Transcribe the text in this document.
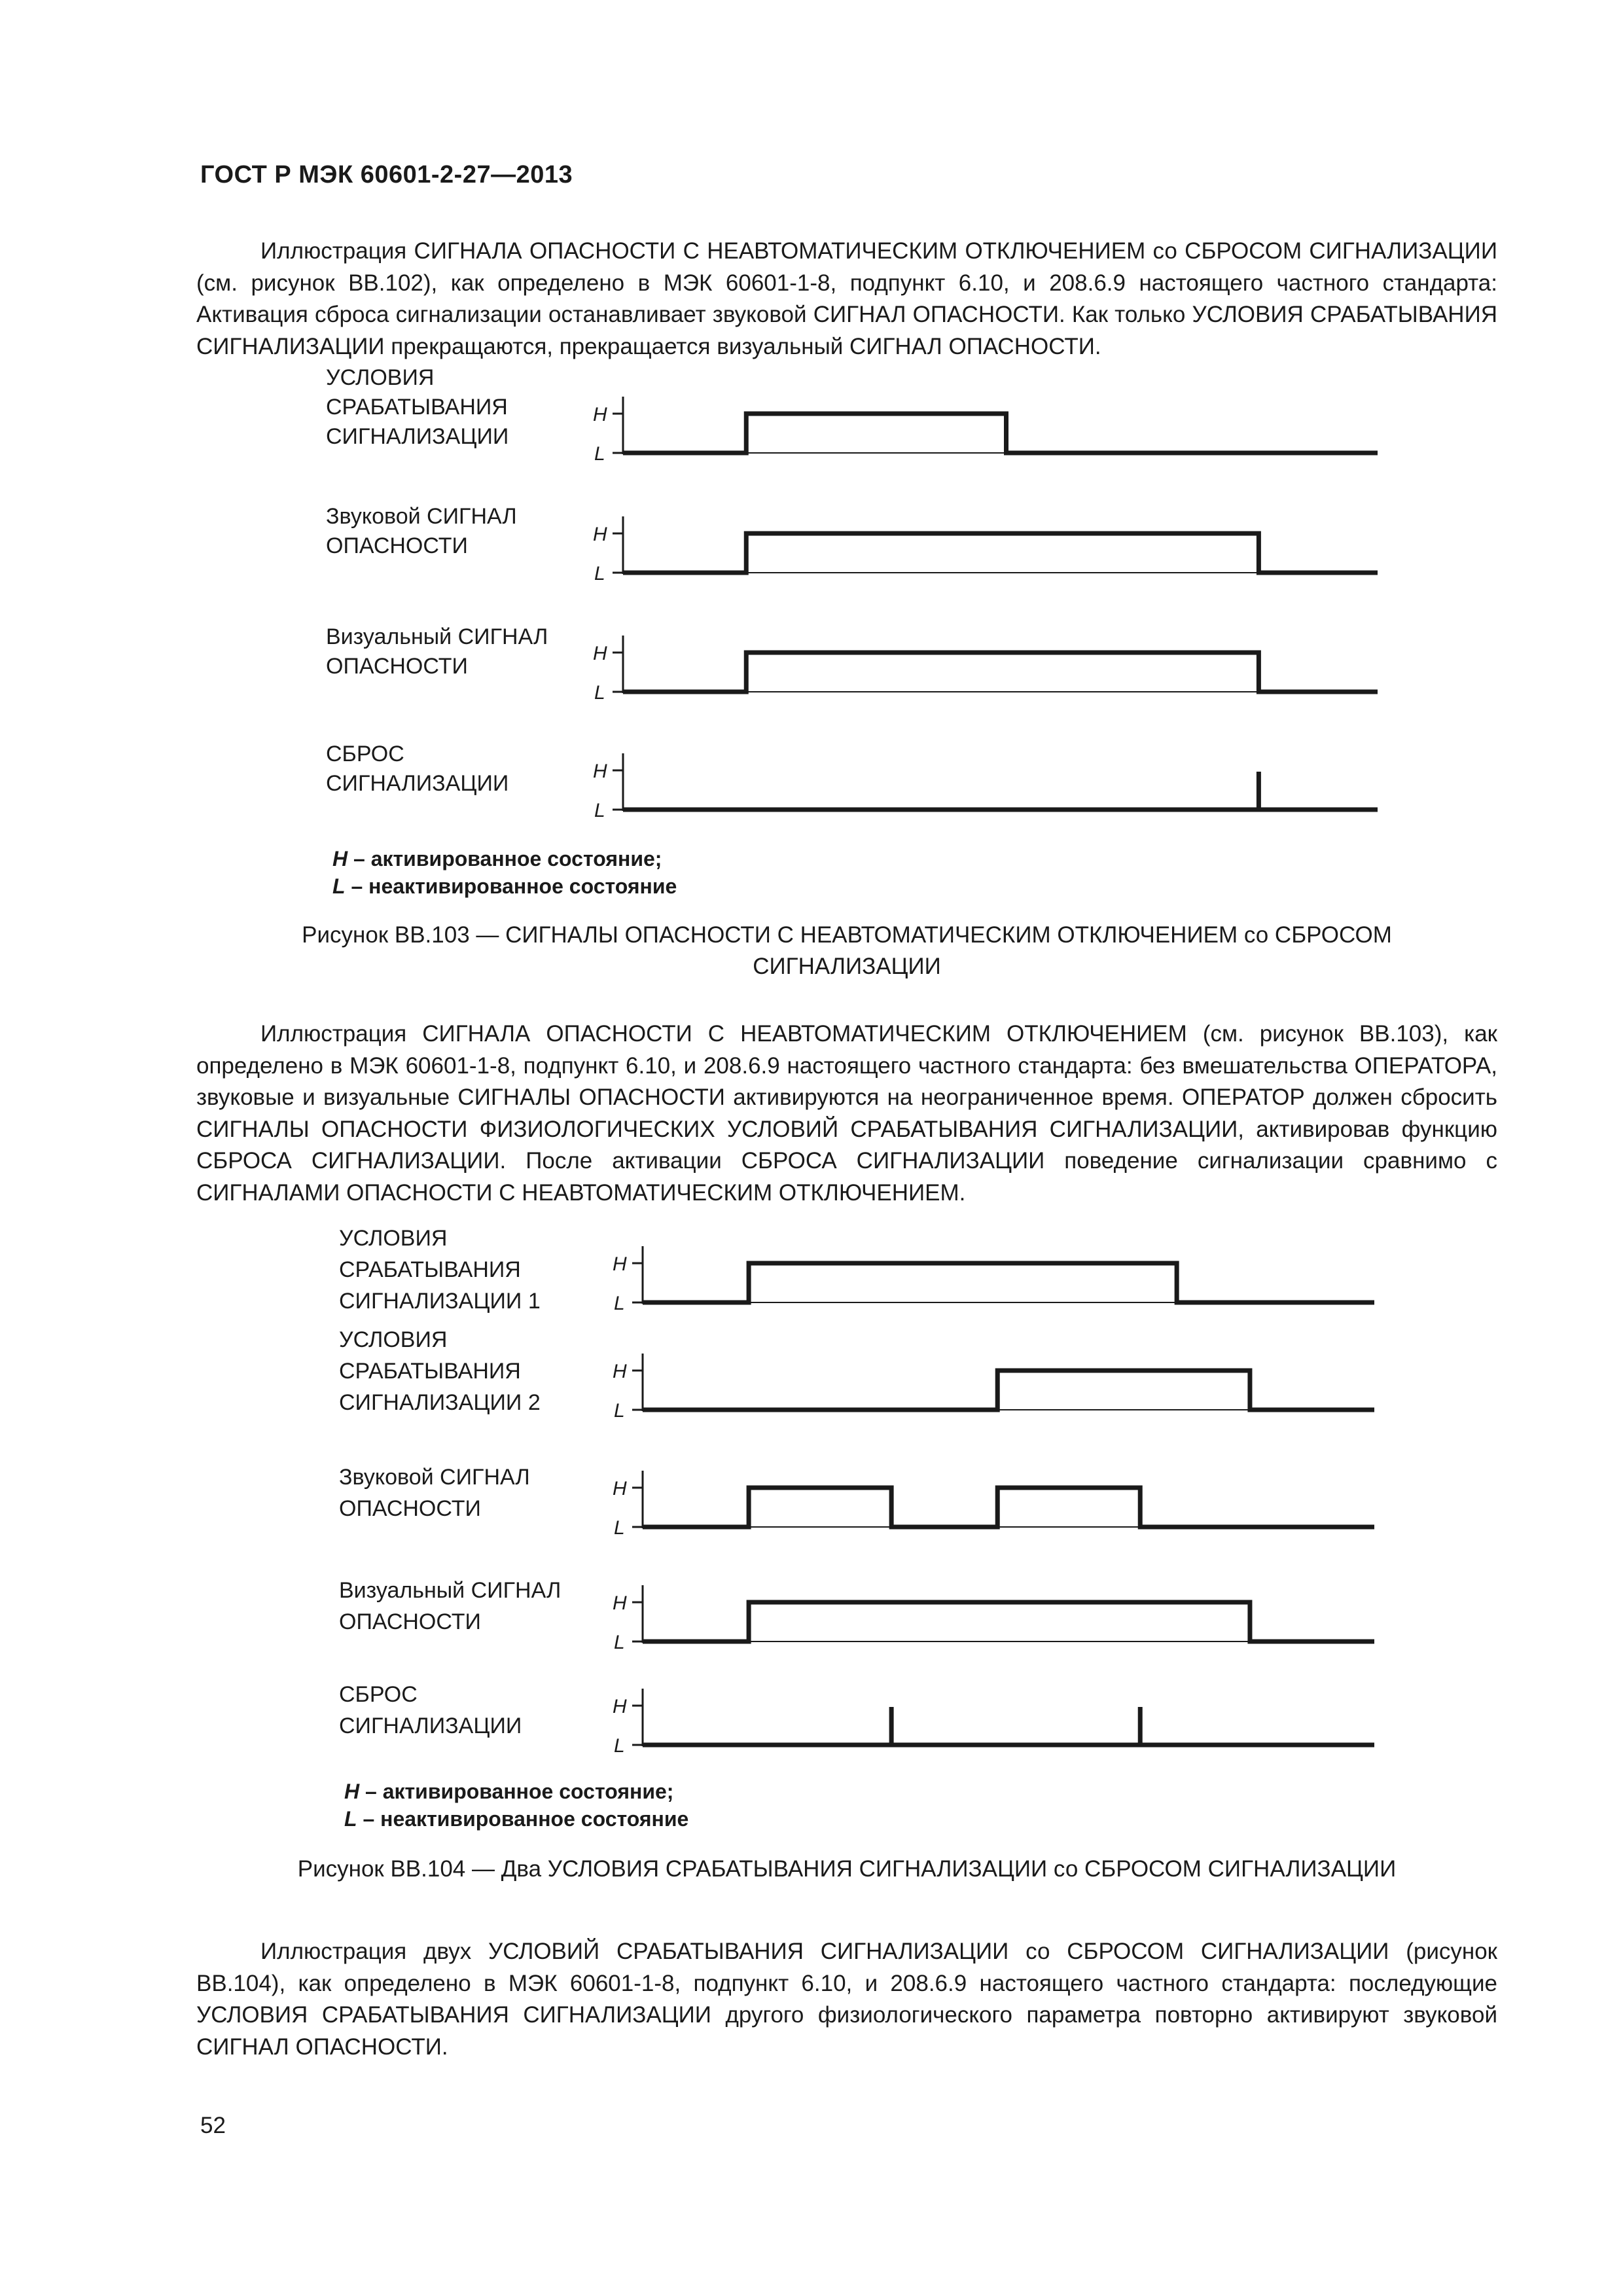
ГОСТ Р МЭК 60601-2-27—2013

Иллюстрация СИГНАЛА ОПАСНОСТИ С НЕАВТОМАТИЧЕСКИМ ОТКЛЮЧЕНИЕМ со СБРОСОМ СИГНАЛИЗАЦИИ (см. рисунок ВВ.102), как определено в МЭК 60601-1-8, подпункт 6.10, и 208.6.9 настоящего частного стандарта: Активация сброса сигнализации останавливает звуковой СИГНАЛ ОПАСНОСТИ. Как только УСЛОВИЯ СРАБАТЫВАНИЯ СИГНАЛИЗАЦИИ прекращаются, прекращается визуальный СИГНАЛ ОПАСНОСТИ.

УСЛОВИЯ СРАБАТЫВАНИЯ СИГНАЛИЗАЦИИ
H
L
Звуковой СИГНАЛ ОПАСНОСТИ	H
L
Визуальный СИГНАЛ ОПАСНОСТИ
H
L
СБРОС СИГНАЛИЗАЦИИ	H
L
H – активированное состояние;
L – неактивированное состояние
Рисунок ВВ.103 — СИГНАЛЫ ОПАСНОСТИ С НЕАВТОМАТИЧЕСКИМ ОТКЛЮЧЕНИЕМ со СБРОСОМ
СИГНАЛИЗАЦИИ

Иллюстрация СИГНАЛА ОПАСНОСТИ С НЕАВТОМАТИЧЕСКИМ ОТКЛЮЧЕНИЕМ (см. рисунок ВВ.103), как определено в МЭК 60601-1-8, подпункт 6.10, и 208.6.9 настоящего частного стандарта: без вмешательства ОПЕРАТОРА, звуковые и визуальные СИГНАЛЫ ОПАСНОСТИ активируются на неограниченное время. ОПЕРАТОР должен сбросить СИГНАЛЫ ОПАСНОСТИ ФИЗИОЛОГИЧЕСКИХ УСЛОВИЙ СРАБАТЫВАНИЯ СИГНАЛИЗАЦИИ, активировав функцию СБРОСА СИГНАЛИЗАЦИИ. После активации СБРОСА СИГНАЛИЗАЦИИ поведение сигнализации сравнимо с СИГНАЛАМИ ОПАСНОСТИ С НЕАВТОМАТИЧЕСКИМ ОТКЛЮЧЕНИЕМ.

УСЛОВИЯ СРАБАТЫВАНИЯ СИГНАЛИЗАЦИИ 1
H
L
УСЛОВИЯ СРАБАТЫВАНИЯ СИГНАЛИЗАЦИИ 2
H
L
Звуковой СИГНАЛ ОПАСНОСТИ
H
L
Визуальный СИГНАЛ ОПАСНОСТИ
H
L
СБРОС СИГНАЛИЗАЦИИ
H
L
H – активированное состояние;
L – неактивированное состояние
Рисунок ВВ.104 — Два УСЛОВИЯ СРАБАТЫВАНИЯ СИГНАЛИЗАЦИИ со СБРОСОМ СИГНАЛИЗАЦИИ

Иллюстрация двух УСЛОВИЙ СРАБАТЫВАНИЯ СИГНАЛИЗАЦИИ со СБРОСОМ СИГНАЛИЗАЦИИ (рисунок ВВ.104), как определено в МЭК 60601-1-8, подпункт 6.10, и 208.6.9 настоящего частного стандарта: последующие УСЛОВИЯ СРАБАТЫВАНИЯ СИГНАЛИЗАЦИИ другого физиологического параметра повторно активируют звуковой СИГНАЛ ОПАСНОСТИ.

52
